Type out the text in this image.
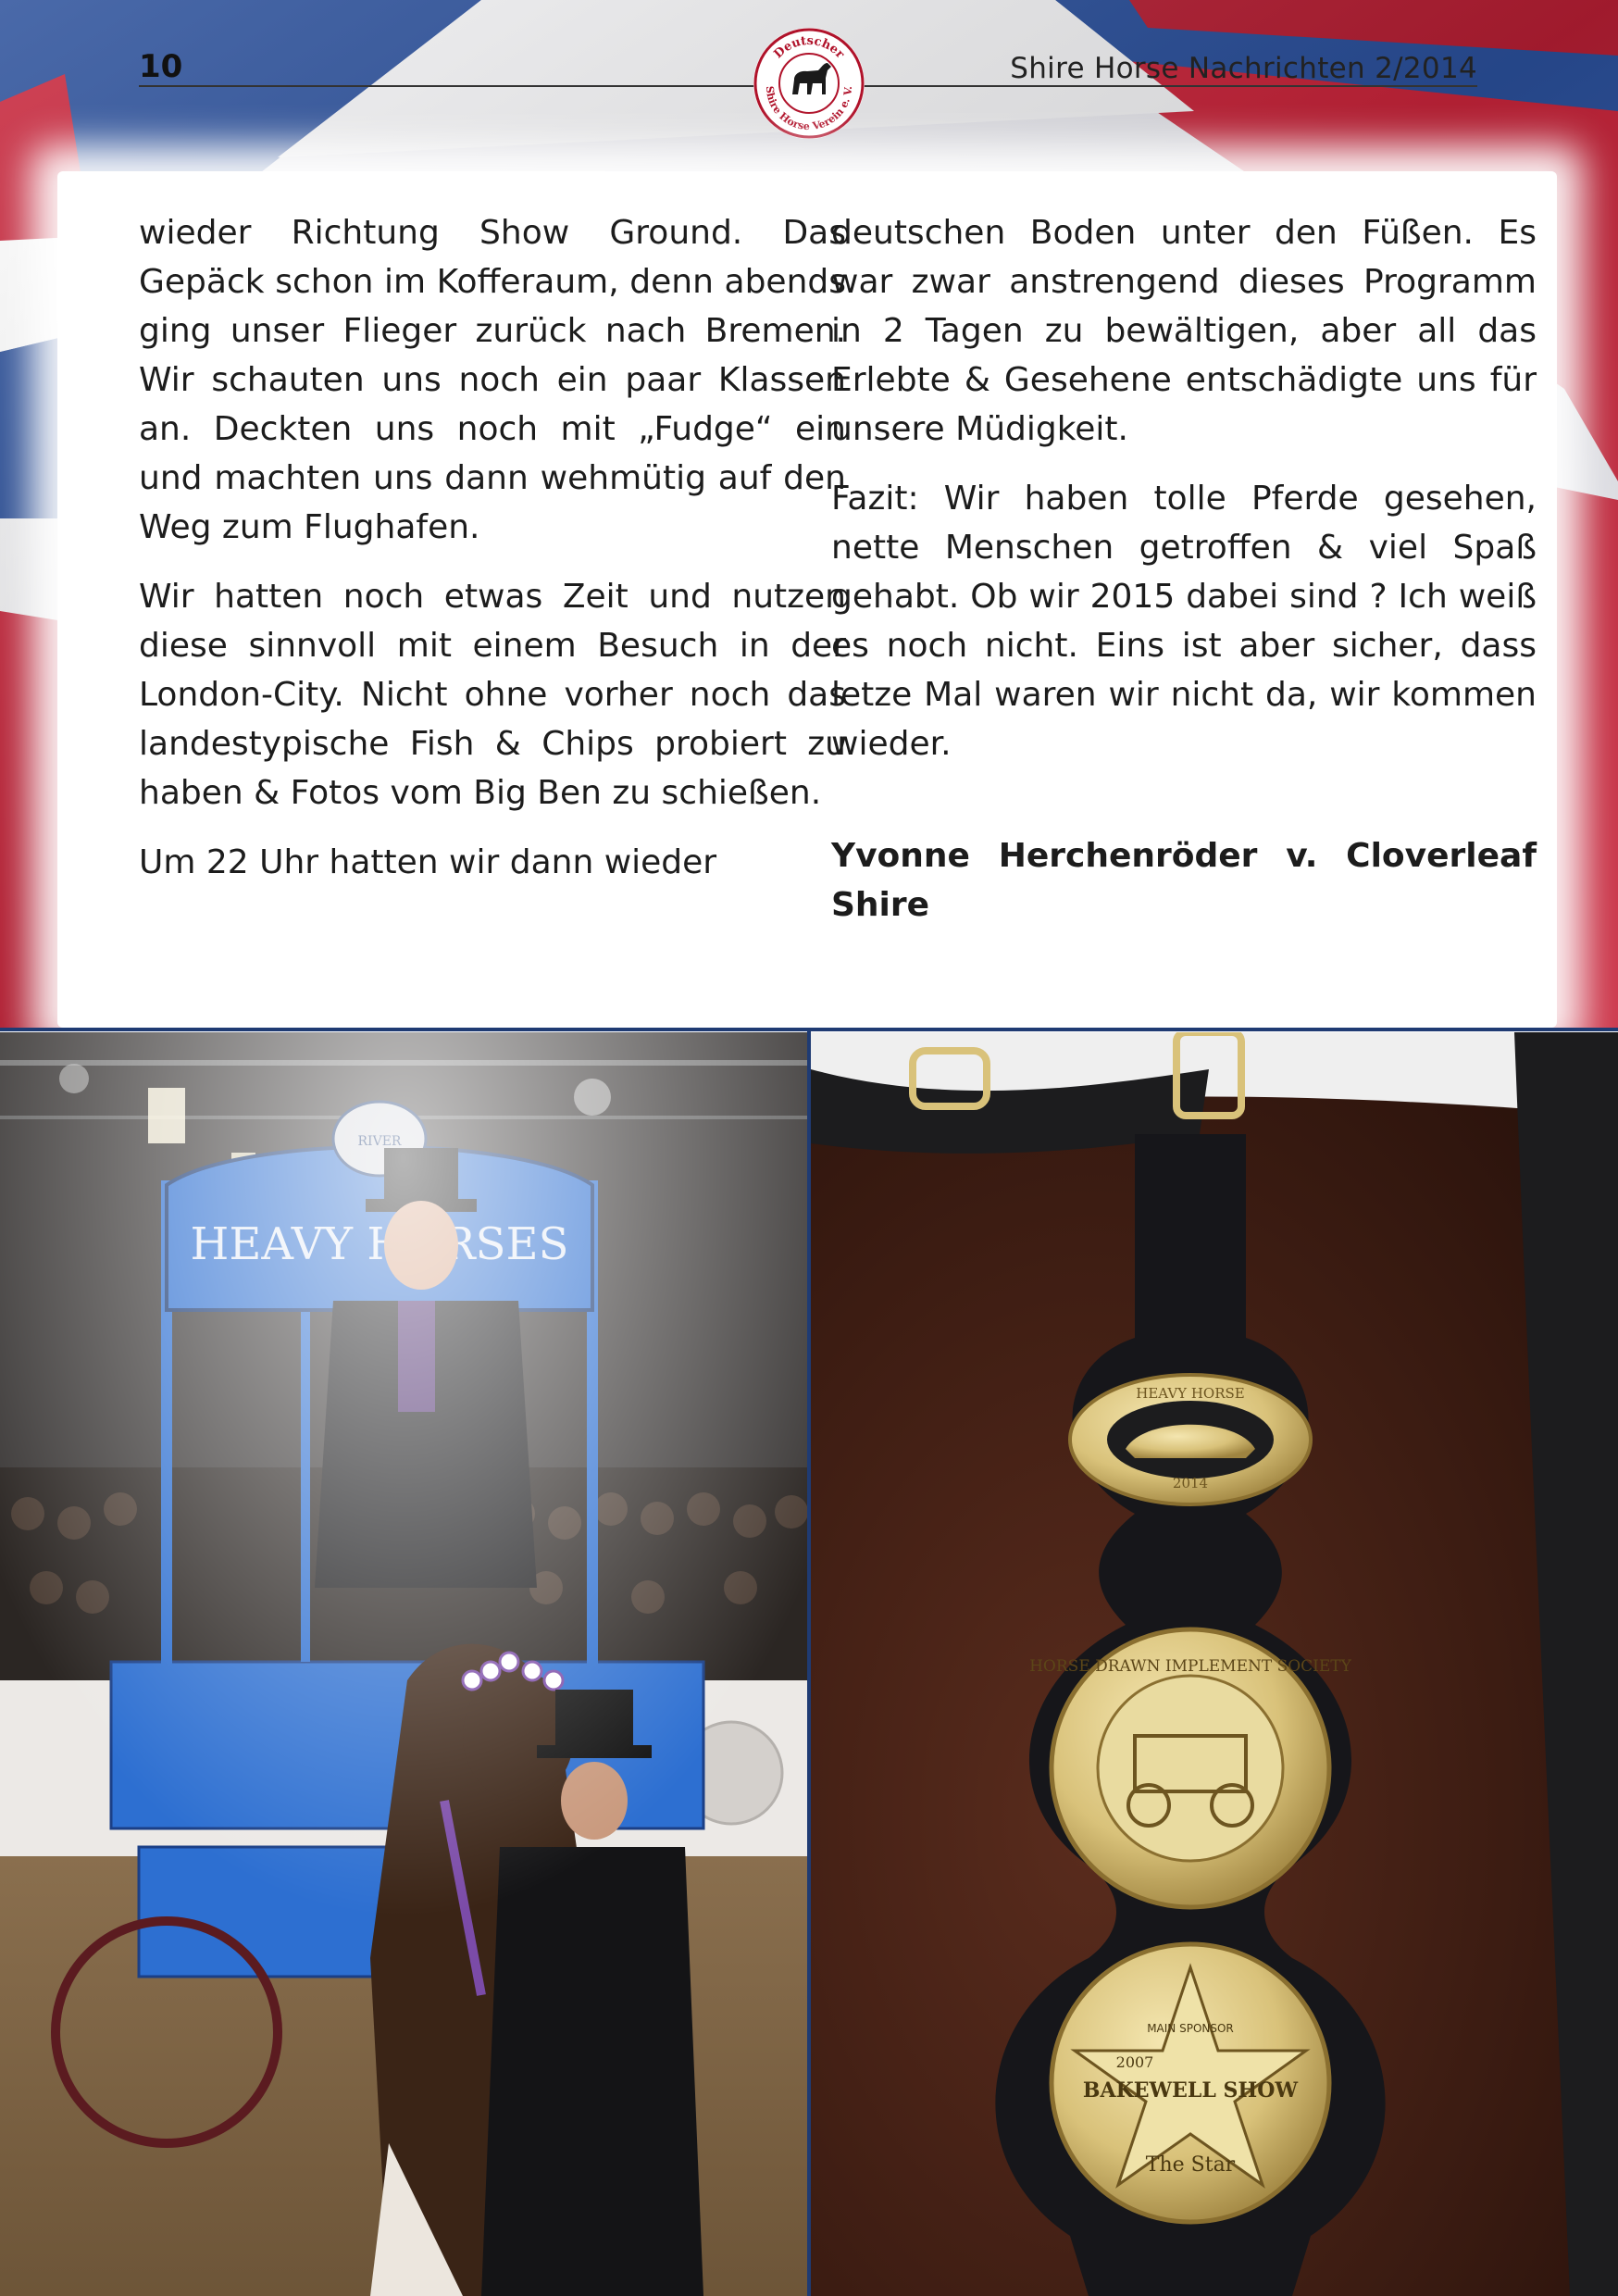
10	Shire Horse Nachrichten 2/2014
Deutscher
Shire Horse Verein e. V.

wieder Richtung Show Ground. Das Gepäck schon im Kofferaum, denn abends ging unser Flieger zurück nach Bremen. Wir schauten uns noch ein paar Klassen an. Deckten uns noch mit „Fudge“ ein und machten uns dann wehmütig auf den Weg zum Flughafen.

Wir hatten noch etwas Zeit und nutzen diese sinnvoll mit einem Besuch in der London-City. Nicht ohne vorher noch das landestypische Fish & Chips probiert zu haben & Fotos vom Big Ben zu schießen.

Um 22 Uhr hatten wir dann wieder

deutschen Boden unter den Füßen. Es war zwar anstrengend dieses Programm in 2 Tagen zu bewältigen, aber all das Erlebte & Gesehene entschädigte uns für unsere Müdigkeit.

Fazit: Wir haben tolle Pferde gesehen, nette Menschen getroffen & viel Spaß gehabt. Ob wir 2015 dabei sind ? Ich weiß es noch nicht. Eins ist aber sicher, dass letze Mal waren wir nicht da, wir kommen wieder.

Yvonne Herchenröder v. Cloverleaf Shire

HEAVY HORSE
2014
HORSE DRAWN IMPLEMENT SOCIETY
MAIN SPONSOR
2007
BAKEWELL SHOW
The Star
